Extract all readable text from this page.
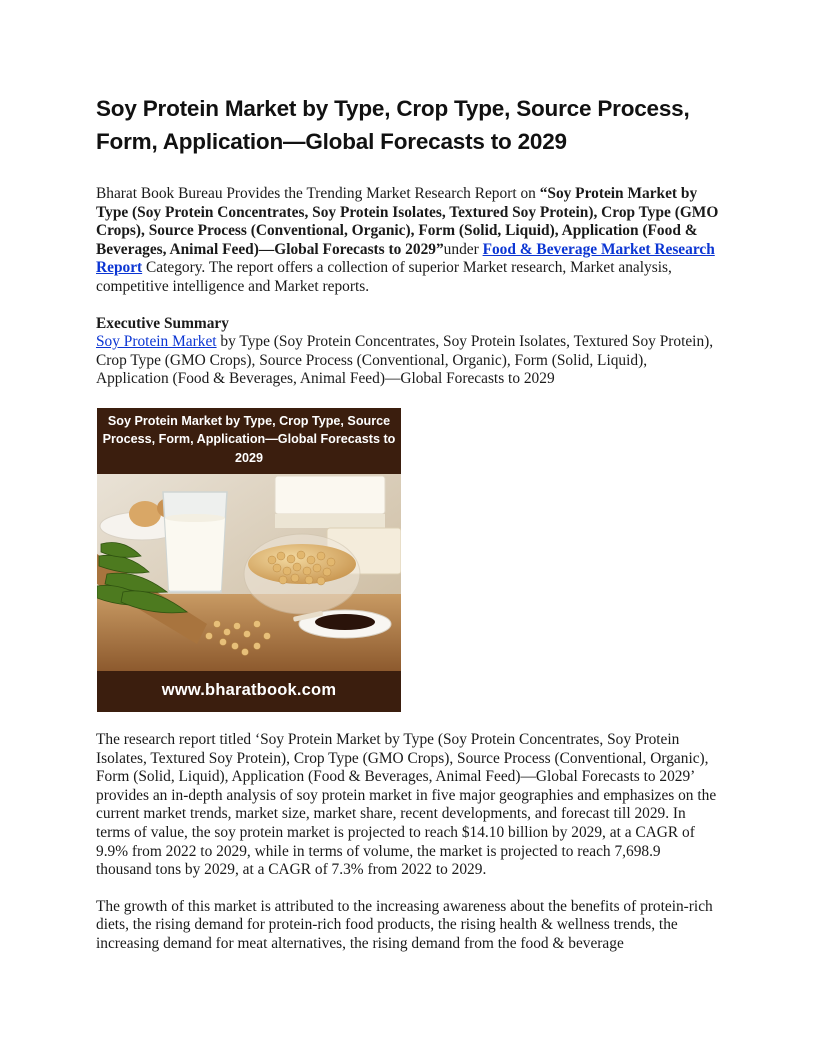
Soy Protein Market by Type, Crop Type, Source Process, Form, Application—Global Forecasts to 2029

Bharat Book Bureau Provides the Trending Market Research Report on “Soy Protein Market by Type (Soy Protein Concentrates, Soy Protein Isolates, Textured Soy Protein), Crop Type (GMO Crops), Source Process (Conventional, Organic), Form (Solid, Liquid), Application (Food & Beverages, Animal Feed)—Global Forecasts to 2029”under Food & Beverage Market Research Report Category. The report offers a collection of superior Market research, Market analysis, competitive intelligence and Market reports.

Executive Summary

Soy Protein Market by Type (Soy Protein Concentrates, Soy Protein Isolates, Textured Soy Protein), Crop Type (GMO Crops), Source Process (Conventional, Organic), Form (Solid, Liquid), Application (Food & Beverages, Animal Feed)—Global Forecasts to 2029

Soy Protein Market by Type, Crop Type, Source Process, Form, Application—Global Forecasts to 2029
www.bharatbook.com

The research report titled ‘Soy Protein Market by Type (Soy Protein Concentrates, Soy Protein Isolates, Textured Soy Protein), Crop Type (GMO Crops), Source Process (Conventional, Organic), Form (Solid, Liquid), Application (Food & Beverages, Animal Feed)—Global Forecasts to 2029’ provides an in-depth analysis of soy protein market in five major geographies and emphasizes on the current market trends, market size, market share, recent developments, and forecast till 2029. In terms of value, the soy protein market is projected to reach $14.10 billion by 2029, at a CAGR of 9.9% from 2022 to 2029, while in terms of volume, the market is projected to reach 7,698.9 thousand tons by 2029, at a CAGR of 7.3% from 2022 to 2029.

The growth of this market is attributed to the increasing awareness about the benefits of protein-rich diets, the rising demand for protein-rich food products, the rising health & wellness trends, the increasing demand for meat alternatives, the rising demand from the food & beverage
